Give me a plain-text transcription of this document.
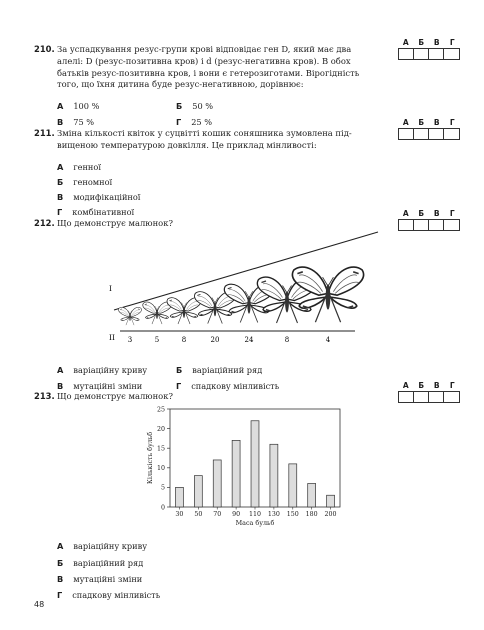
А	Б	В	Г
А	Б	В	Г
А	Б	В	Г
А	Б	В	Г
210. За успадкування резус-групи крові відповідає ген D, який має два
алелі: D (резус-позитивна кров) і d (резус-негативна кров). В обох
батьків резус-позитивна кров, і вони є гетерозиготами. Вірогідність
того, що їхня дитина буде резус-негативною, дорівнює:
А 100 %	Б 50 %
В 75 %	Г 25 %
211. Зміна кількості квіток у суцвітті кошик соняшника зумовлена під-
вищеною температурою довкілля. Це приклад мінливості:
А генної
Б геномної
В модифікаційної
Г комбінативної
212. Що демонструє малюнок?
I
II 3	5	8	20	24	8	4
А варіаційну криву	Б варіаційний ряд
В мутаційні зміни	Г спадкову мінливість
213. Що демонструє малюнок?
0
5
10
15
20
25
30 50 70 90 110 130 150 180 200
Маса бульб
Кількість бульб
А варіаційну криву
Б варіаційний ряд
В мутаційні зміни
Г спадкову мінливість
48
